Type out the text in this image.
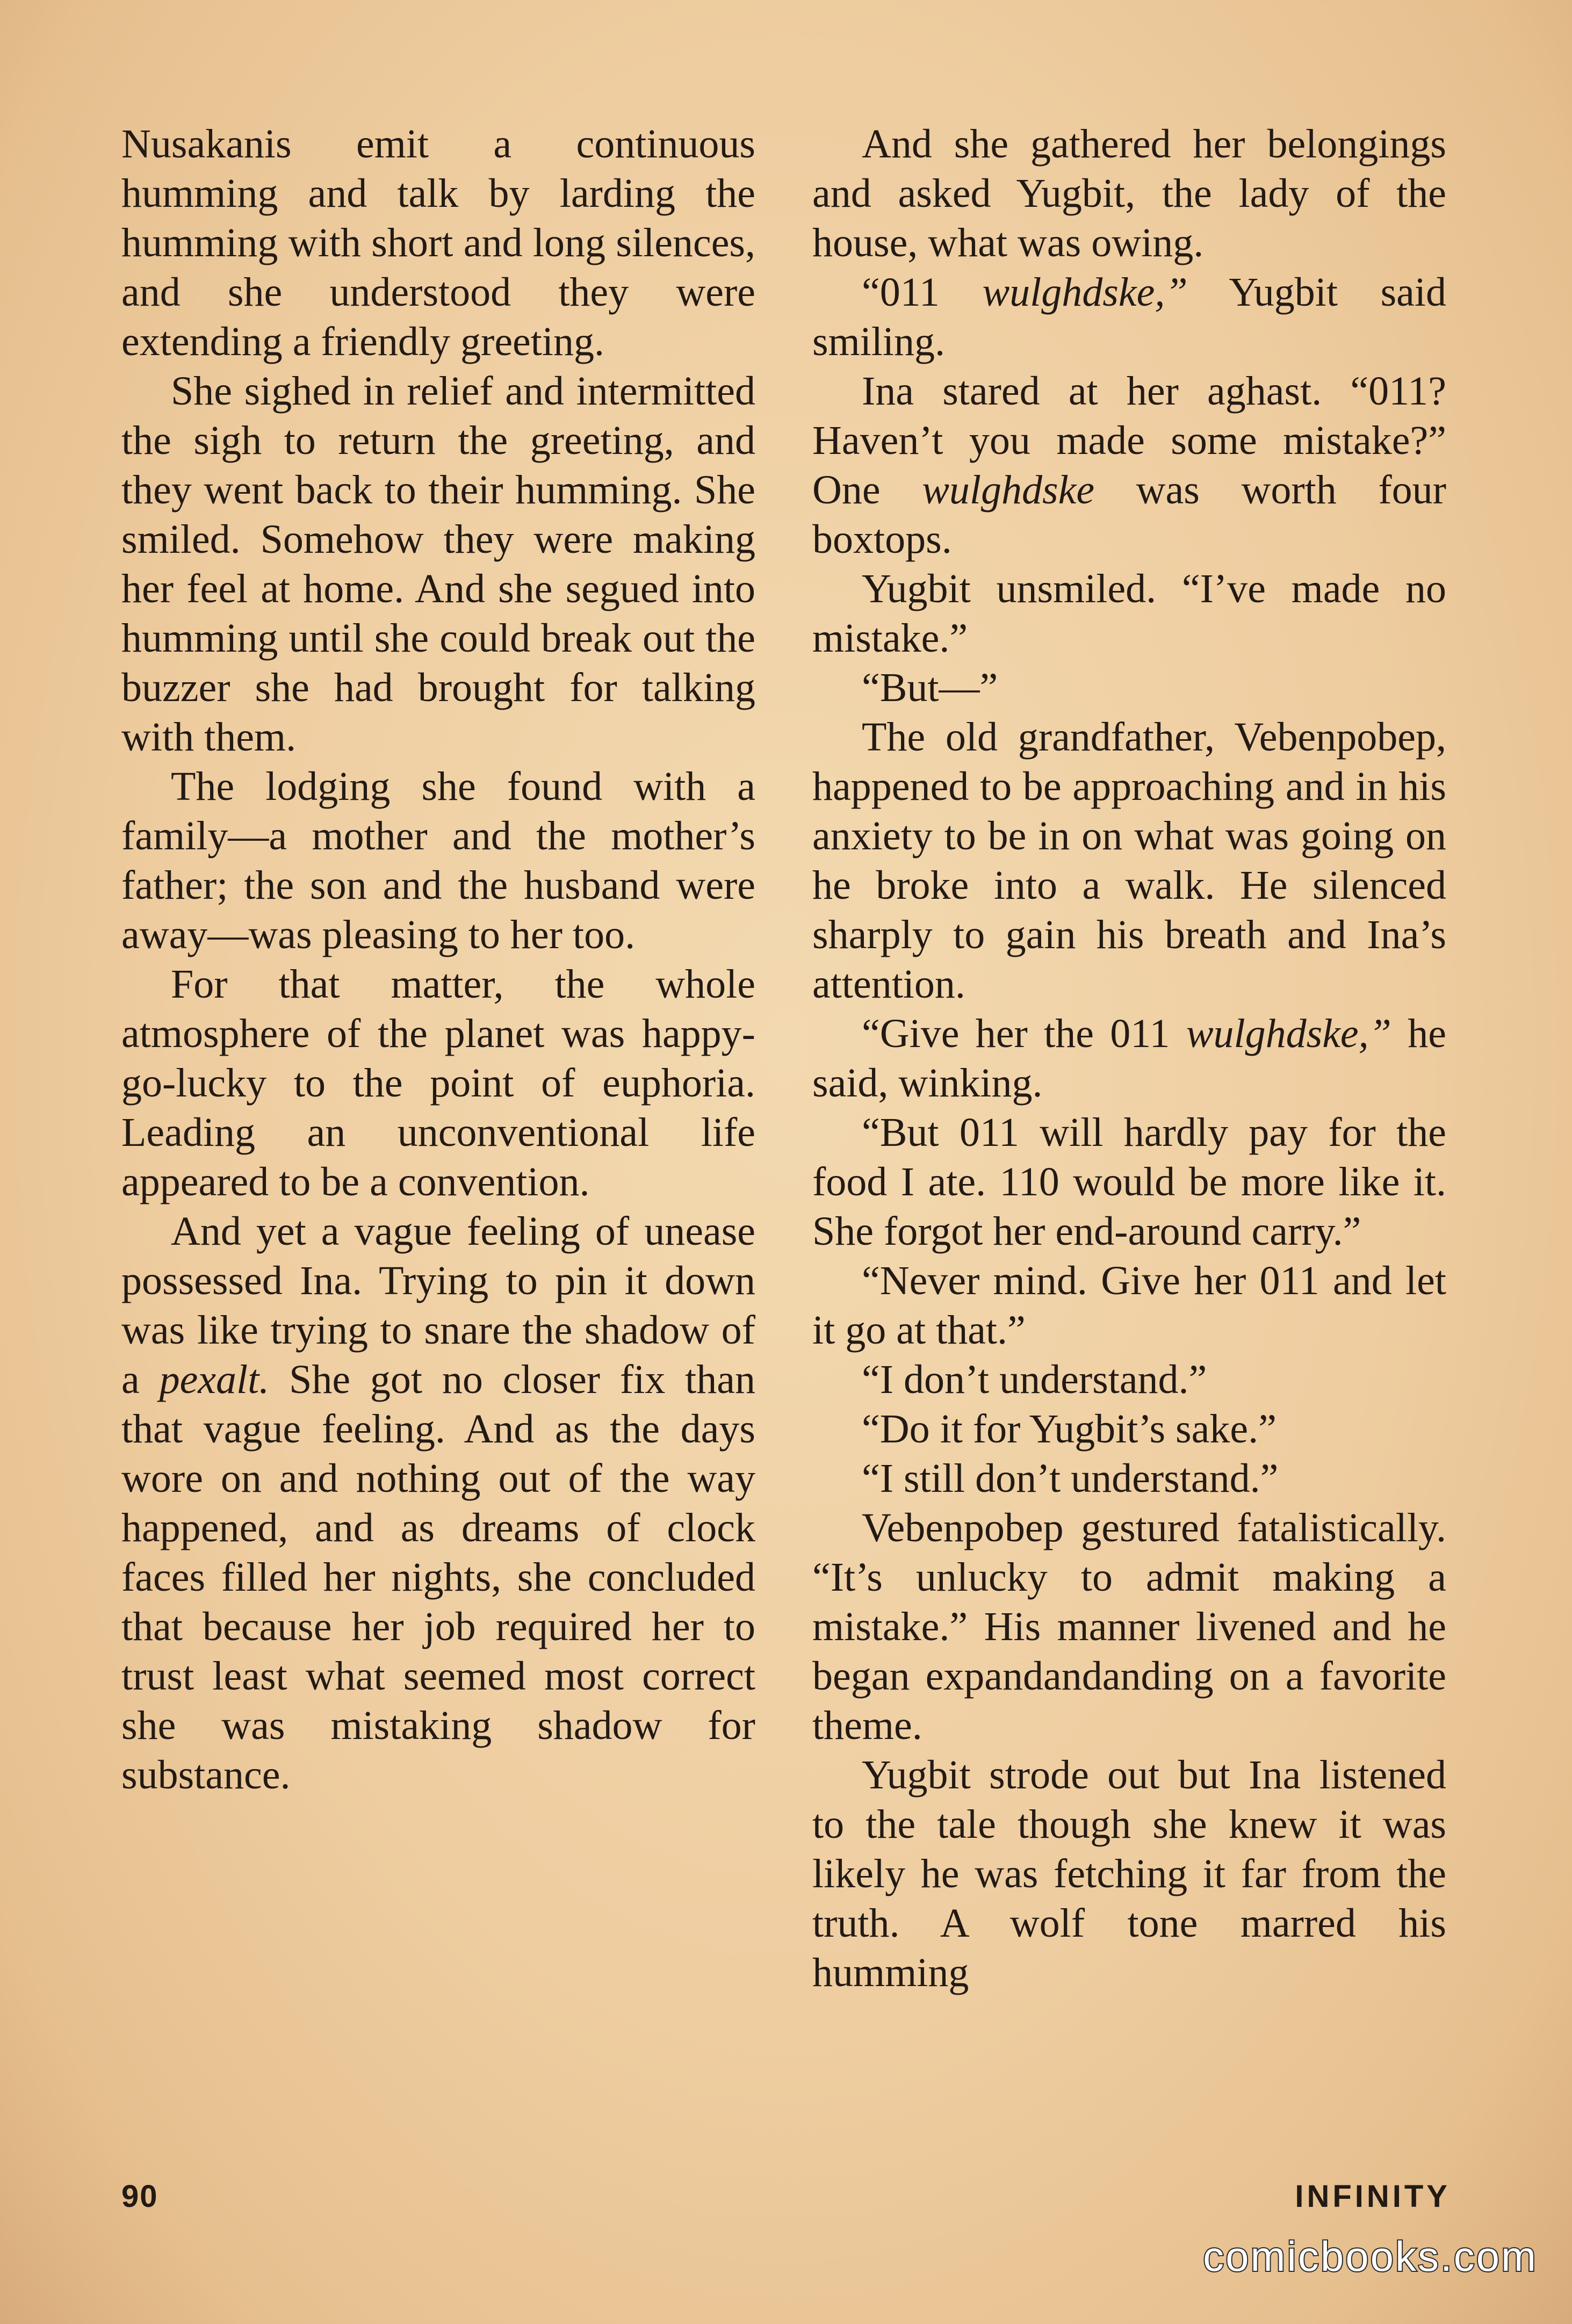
Nusakanis emit a continuous humming and talk by larding the humming with short and long silences, and she understood they were extending a friendly greeting.

She sighed in relief and intermitted the sigh to return the greeting, and they went back to their humming. She smiled. Somehow they were making her feel at home. And she segued into humming until she could break out the buzzer she had brought for talking with them.

The lodging she found with a family—a mother and the mother’s father; the son and the husband were away—was pleasing to her too.

For that matter, the whole atmosphere of the planet was happy-go-lucky to the point of euphoria. Leading an unconventional life appeared to be a convention.

And yet a vague feeling of unease possessed Ina. Trying to pin it down was like trying to snare the shadow of a pexalt. She got no closer fix than that vague feeling. And as the days wore on and nothing out of the way happened, and as dreams of clock faces filled her nights, she concluded that because her job required her to trust least what seemed most correct she was mistaking shadow for substance.

And she gathered her belongings and asked Yugbit, the lady of the house, what was owing.

“011 wulghdske,” Yugbit said smiling.

Ina stared at her aghast. “011? Haven’t you made some mistake?” One wulghdske was worth four boxtops.

Yugbit unsmiled. “I’ve made no mistake.”

“But—”

The old grandfather, Vebenpobep, happened to be approaching and in his anxiety to be in on what was going on he broke into a walk. He silenced sharply to gain his breath and Ina’s attention.

“Give her the 011 wulghdske,” he said, winking.

“But 011 will hardly pay for the food I ate. 110 would be more like it. She forgot her end-around carry.”

“Never mind. Give her 011 and let it go at that.”

“I don’t understand.”

“Do it for Yugbit’s sake.”

“I still don’t understand.”

Vebenpobep gestured fatalistically. “It’s unlucky to admit making a mistake.” His manner livened and he began expandandanding on a favorite theme.

Yugbit strode out but Ina listened to the tale though she knew it was likely he was fetching it far from the truth. A wolf tone marred his humming

90	INFINITY
comicbooks.com
